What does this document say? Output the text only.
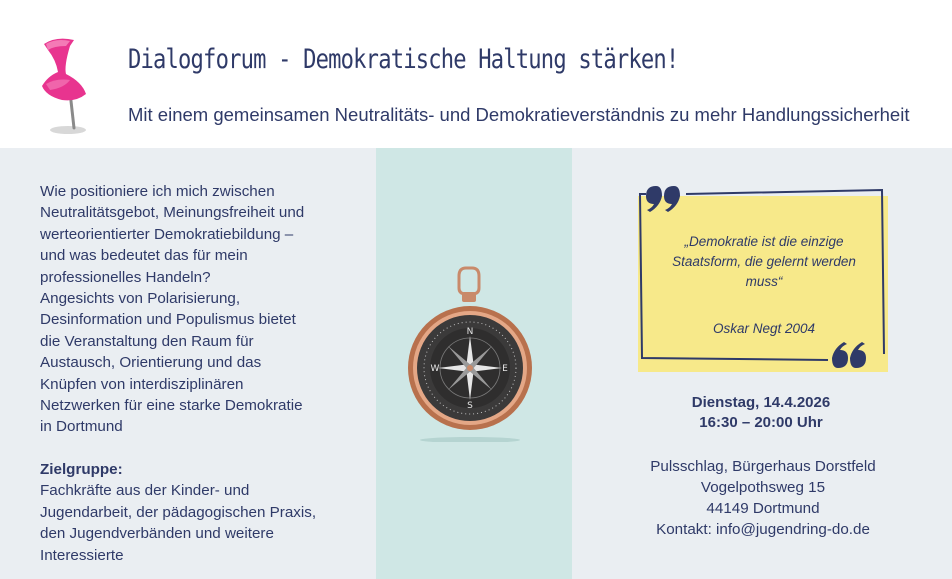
Dialogforum - Demokratische Haltung stärken!
Mit einem gemeinsamen Neutralitäts- und Demokratieverständnis zu mehr Handlungssicherheit

Wie positioniere ich mich zwischen

Neutralitätsgebot, Meinungsfreiheit und

werteorientierter Demokratiebildung –

und was bedeutet das für mein

professionelles Handeln?

Angesichts von Polarisierung,

Desinformation und Populismus bietet

die Veranstaltung den Raum für

Austausch, Orientierung und das

Knüpfen von interdisziplinären

Netzwerken für eine starke Demokratie

in Dortmund

Zielgruppe:

Fachkräfte aus der Kinder- und

Jugendarbeit, der pädagogischen Praxis,

den Jugendverbänden und weitere

Interessierte

N
E
S
W
„Demokratie ist die einzige
Staatsform, die gelernt werden
muss“
Oskar Negt 2004
Dienstag, 14.4.2026
16:30 – 20:00 Uhr
Pulsschlag, Bürgerhaus Dorstfeld
Vogelpothsweg 15
44149 Dortmund
Kontakt: info@jugendring-do.de
